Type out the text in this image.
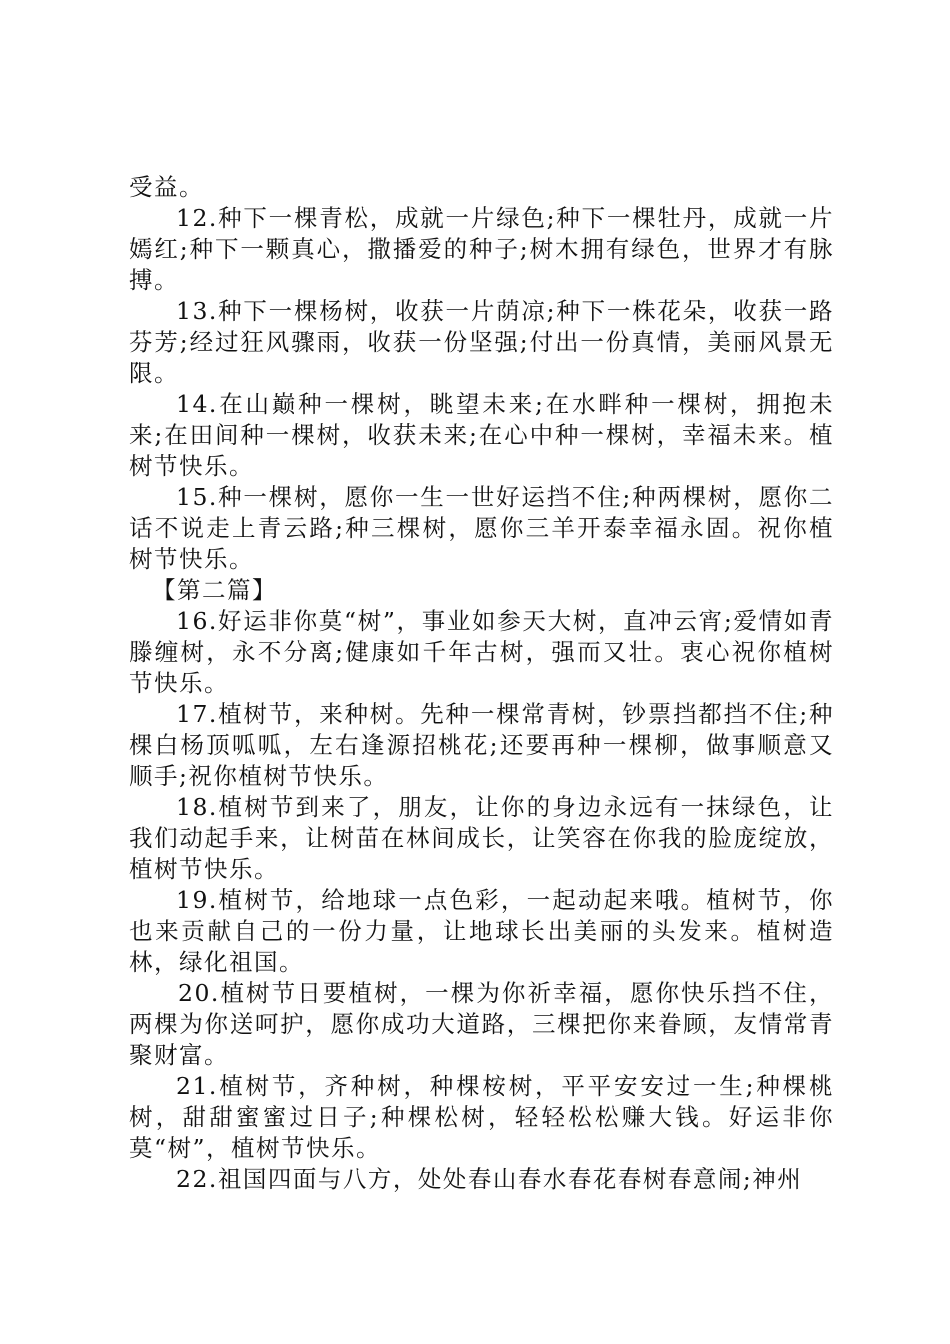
受益。

12.种下一棵青松，成就一片绿色;种下一棵牡丹，成就一片嫣红;种下一颗真心，撒播爱的种子;树木拥有绿色，世界才有脉搏。

13.种下一棵杨树，收获一片荫凉;种下一株花朵，收获一路芬芳;经过狂风骤雨，收获一份坚强;付出一份真情，美丽风景无限。

14.在山巅种一棵树，眺望未来;在水畔种一棵树，拥抱未来;在田间种一棵树，收获未来;在心中种一棵树，幸福未来。植树节快乐。

15.种一棵树，愿你一生一世好运挡不住;种两棵树，愿你二话不说走上青云路;种三棵树，愿你三羊开泰幸福永固。祝你植树节快乐。

【第二篇】

16.好运非你莫“树”，事业如参天大树，直冲云宵;爱情如青滕缠树，永不分离;健康如千年古树，强而又壮。衷心祝你植树节快乐。

17.植树节，来种树。先种一棵常青树，钞票挡都挡不住;种棵白杨顶呱呱，左右逢源招桃花;还要再种一棵柳，做事顺意又顺手;祝你植树节快乐。

18.植树节到来了，朋友，让你的身边永远有一抹绿色，让我们动起手来，让树苗在林间成长，让笑容在你我的脸庞绽放，植树节快乐。

19.植树节，给地球一点色彩，一起动起来哦。植树节，你也来贡献自己的一份力量，让地球长出美丽的头发来。植树造林，绿化祖国。

20.植树节日要植树，一棵为你祈幸福，愿你快乐挡不住，两棵为你送呵护，愿你成功大道路，三棵把你来眷顾，友情常青聚财富。

21.植树节，齐种树，种棵桉树，平平安安过一生;种棵桃树，甜甜蜜蜜过日子;种棵松树，轻轻松松赚大钱。好运非你莫“树”，植树节快乐。

22.祖国四面与八方，处处春山春水春花春树春意闹;神州
